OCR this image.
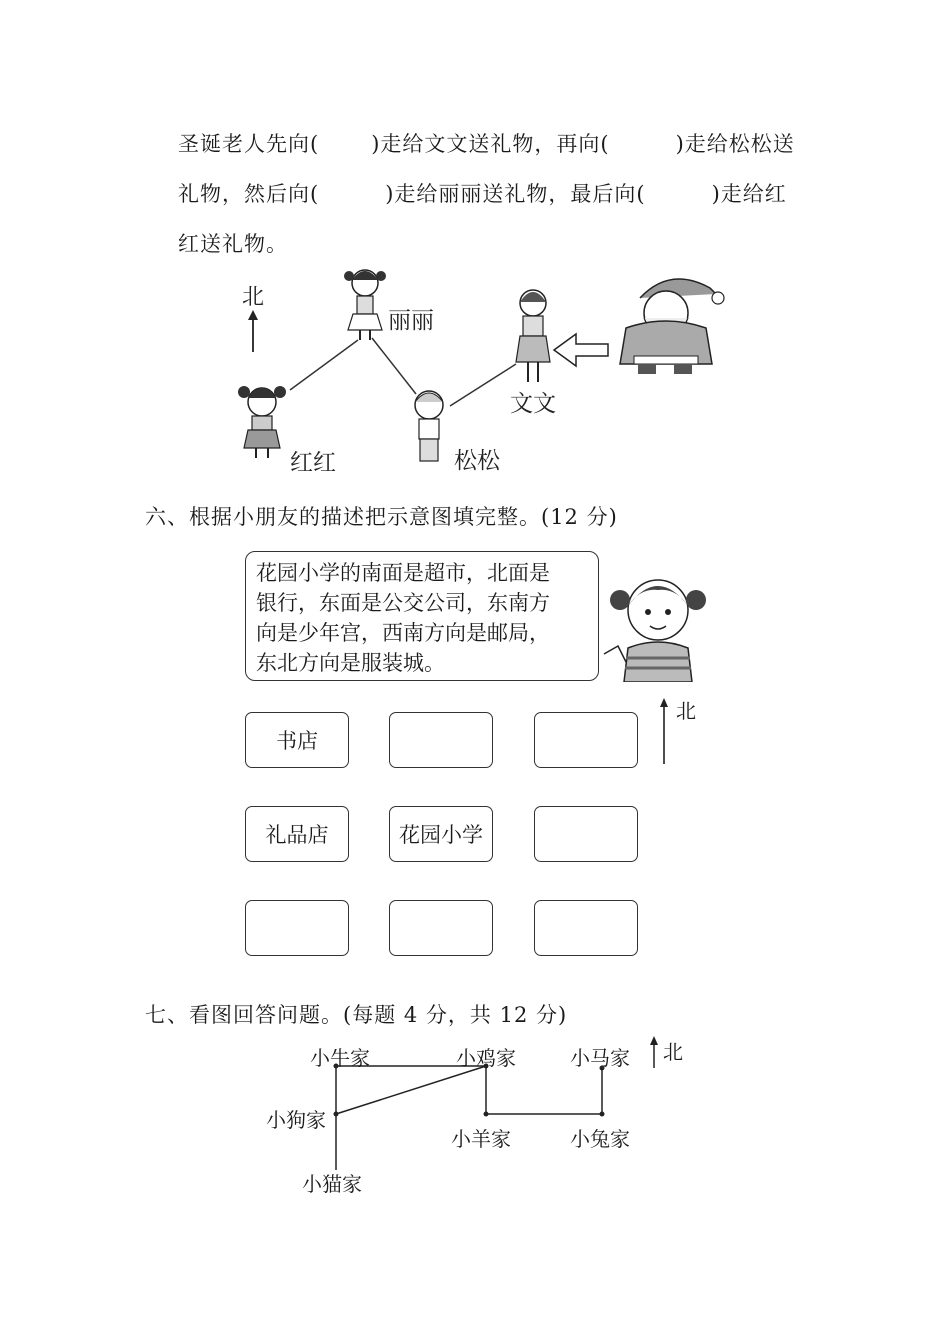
圣诞老人先向( )走给文文送礼物，再向(	)走给松松送
礼物，然后向(	)走给丽丽送礼物，最后向(	)走给红
红送礼物。
北
丽丽
文文
红红	松松
六、根据小朋友的描述把示意图填完整。(12 分)
花园小学的南面是超市，北面是
银行，东面是公交公司，东南方
向是少年宫，西南方向是邮局，
东北方向是服装城。
北
书店
礼品店	花园小学
七、看图回答问题。(每题 4 分，共 12 分)
小牛家	小鸡家	小马家 北
小狗家
小羊家	小兔家
小猫家
